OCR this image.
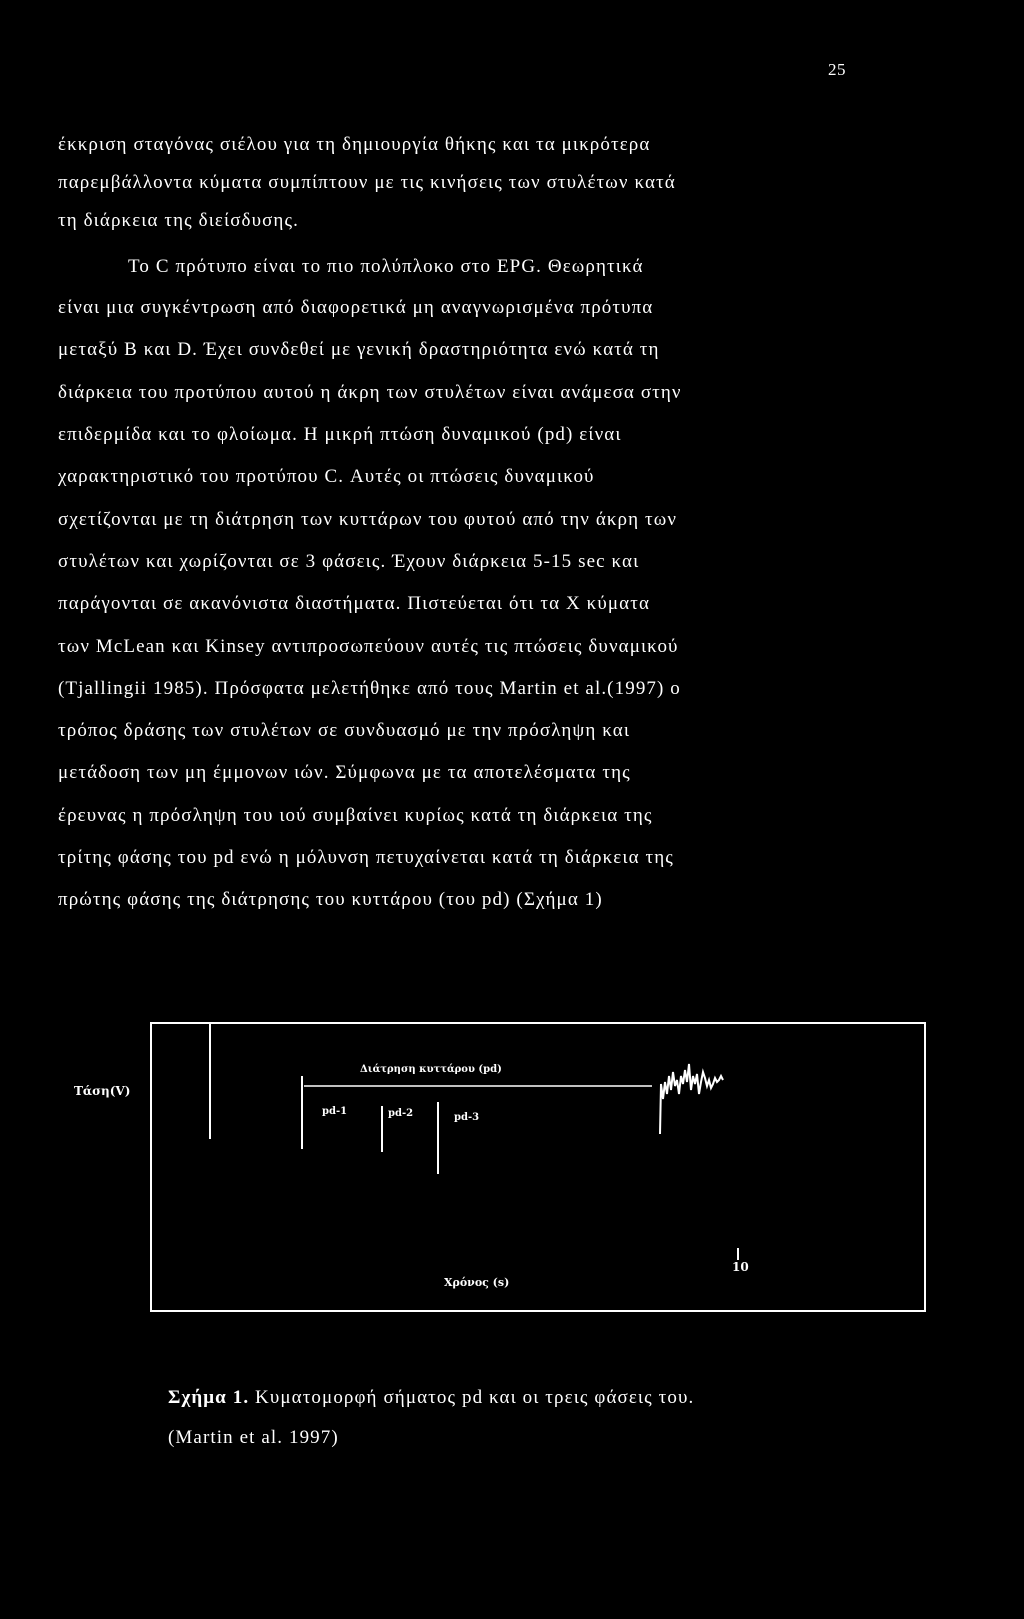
25
έκκριση σταγόνας σιέλου για τη δημιουργία θήκης και τα μικρότερα
παρεμβάλλοντα κύματα συμπίπτουν με τις κινήσεις των στυλέτων κατά
τη διάρκεια της διείσδυσης.
Το C πρότυπο είναι το πιο πολύπλοκο στο EPG. Θεωρητικά
είναι μια συγκέντρωση από διαφορετικά μη αναγνωρισμένα πρότυπα
μεταξύ B και D. Έχει συνδεθεί με γενική δραστηριότητα ενώ κατά τη
διάρκεια του προτύπου αυτού η άκρη των στυλέτων είναι ανάμεσα στην
επιδερμίδα και το φλοίωμα. Η μικρή πτώση δυναμικού (pd) είναι
χαρακτηριστικό του προτύπου C. Αυτές οι πτώσεις δυναμικού
σχετίζονται με τη διάτρηση των κυττάρων του φυτού από την άκρη των
στυλέτων και χωρίζονται σε 3 φάσεις. Έχουν διάρκεια 5-15 sec και
παράγονται σε ακανόνιστα διαστήματα. Πιστεύεται ότι τα X κύματα
των McLean και Kinsey αντιπροσωπεύουν αυτές τις πτώσεις δυναμικού
(Tjallingii 1985). Πρόσφατα μελετήθηκε από τους Martin et al.(1997) ο
τρόπος δράσης των στυλέτων σε συνδυασμό με την πρόσληψη και
μετάδοση των μη έμμονων ιών. Σύμφωνα με τα αποτελέσματα της
έρευνας η πρόσληψη του ιού συμβαίνει κυρίως κατά τη διάρκεια της
τρίτης φάσης του pd ενώ η μόλυνση πετυχαίνεται κατά τη διάρκεια της
πρώτης φάσης της διάτρησης του κυττάρου (του pd) (Σχήμα 1)
Τάση(V)
Διάτρηση κυττάρου (pd)
pd-1	pd-2	pd-3
10
Χρόνος (s)
Σχήμα 1. Κυματομορφή σήματος pd και οι τρεις φάσεις του.
(Martin et al. 1997)
